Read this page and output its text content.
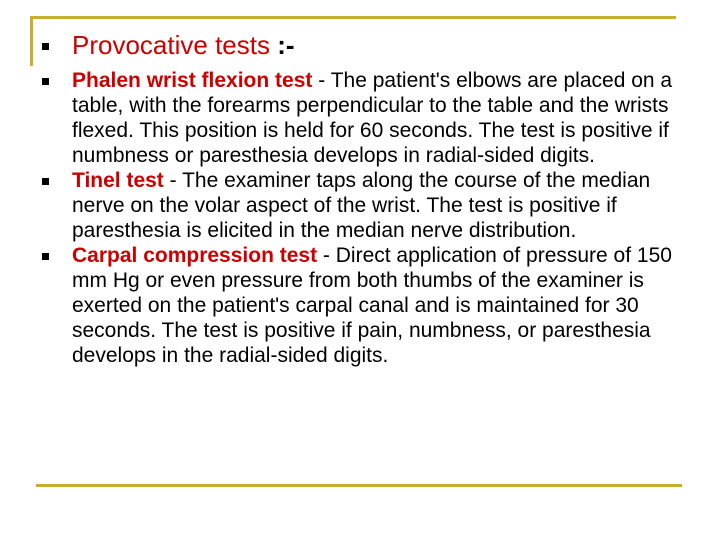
Provocative tests :-
Phalen wrist flexion test - The patient's elbows are placed on a table, with the forearms perpendicular to the table and the wrists flexed. This position is held for 60 seconds. The test is positive if numbness or paresthesia develops in radial-sided digits.
Tinel test - The examiner taps along the course of the median nerve on the volar aspect of the wrist. The test is positive if paresthesia is elicited in the median nerve distribution.
Carpal compression test - Direct application of pressure of 150 mm Hg or even pressure from both thumbs of the examiner is exerted on the patient's carpal canal and is maintained for 30 seconds. The test is positive if pain, numbness, or paresthesia develops in the radial-sided digits.
